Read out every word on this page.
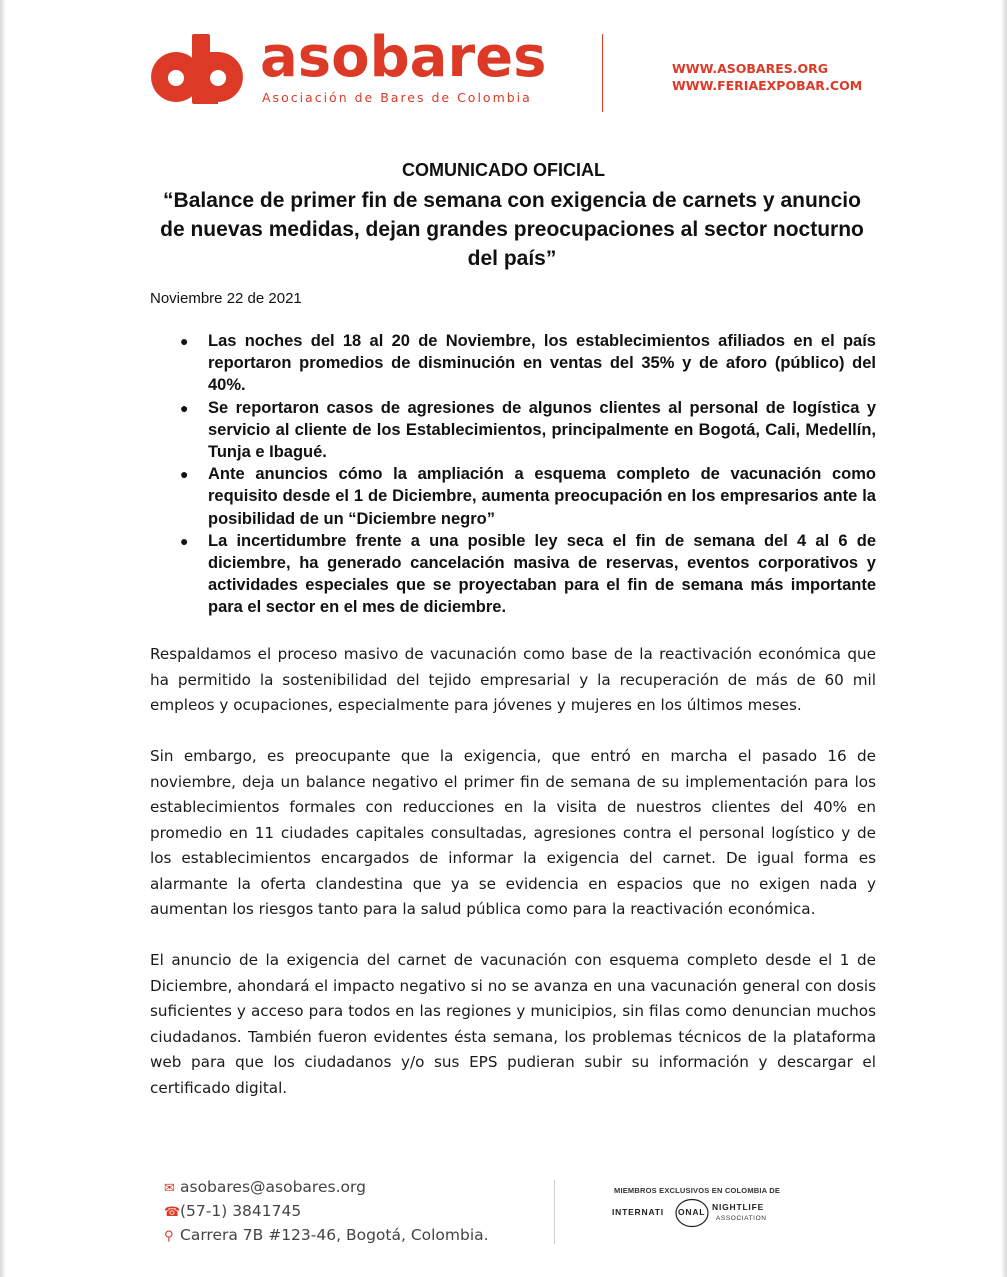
asobares
Asociación de Bares de Colombia
WWW.ASOBARES.ORG
WWW.FERIAEXPOBAR.COM
COMUNICADO OFICIAL
“Balance de primer fin de semana con exigencia de carnets y anuncio de nuevas medidas, dejan grandes preocupaciones al sector nocturno del país”
Noviembre 22 de 2021
● Las noches del 18 al 20 de Noviembre, los establecimientos afiliados en el país reportaron promedios de disminución en ventas del 35% y de aforo (público) del 40%.
● Se reportaron casos de agresiones de algunos clientes al personal de logística y servicio al cliente de los Establecimientos, principalmente en Bogotá, Cali, Medellín, Tunja e Ibagué.
● Ante anuncios cómo la ampliación a esquema completo de vacunación como requisito desde el 1 de Diciembre, aumenta preocupación en los empresarios ante la posibilidad de un “Diciembre negro”
● La incertidumbre frente a una posible ley seca el fin de semana del 4 al 6 de diciembre, ha generado cancelación masiva de reservas, eventos corporativos y actividades especiales que se proyectaban para el fin de semana más importante para el sector en el mes de diciembre.

Respaldamos el proceso masivo de vacunación como base de la reactivación económica que ha permitido la sostenibilidad del tejido empresarial y la recuperación de más de 60 mil empleos y ocupaciones, especialmente para jóvenes y mujeres en los últimos meses.

Sin embargo, es preocupante que la exigencia, que entró en marcha el pasado 16 de noviembre, deja un balance negativo el primer fin de semana de su implementación para los establecimientos formales con reducciones en la visita de nuestros clientes del 40% en promedio en 11 ciudades capitales consultadas, agresiones contra el personal logístico y de los establecimientos encargados de informar la exigencia del carnet. De igual forma es alarmante la oferta clandestina que ya se evidencia en espacios que no exigen nada y aumentan los riesgos tanto para la salud pública como para la reactivación económica.

El anuncio de la exigencia del carnet de vacunación con esquema completo desde el 1 de Diciembre, ahondará el impacto negativo si no se avanza en una vacunación general con dosis suficientes y acceso para todos en las regiones y municipios, sin filas como denuncian muchos ciudadanos. También fueron evidentes ésta semana, los problemas técnicos de la plataforma web para que los ciudadanos y/o sus EPS pudieran subir su información y descargar el certificado digital.

✉ asobares@asobares.org
☎(57-1) 3841745
⚲ Carrera 7B #123-46, Bogotá, Colombia.
MIEMBROS EXCLUSIVOS EN COLOMBIA DE
INTERNATI ONAL NIGHTLIFE
ASSOCIATION
